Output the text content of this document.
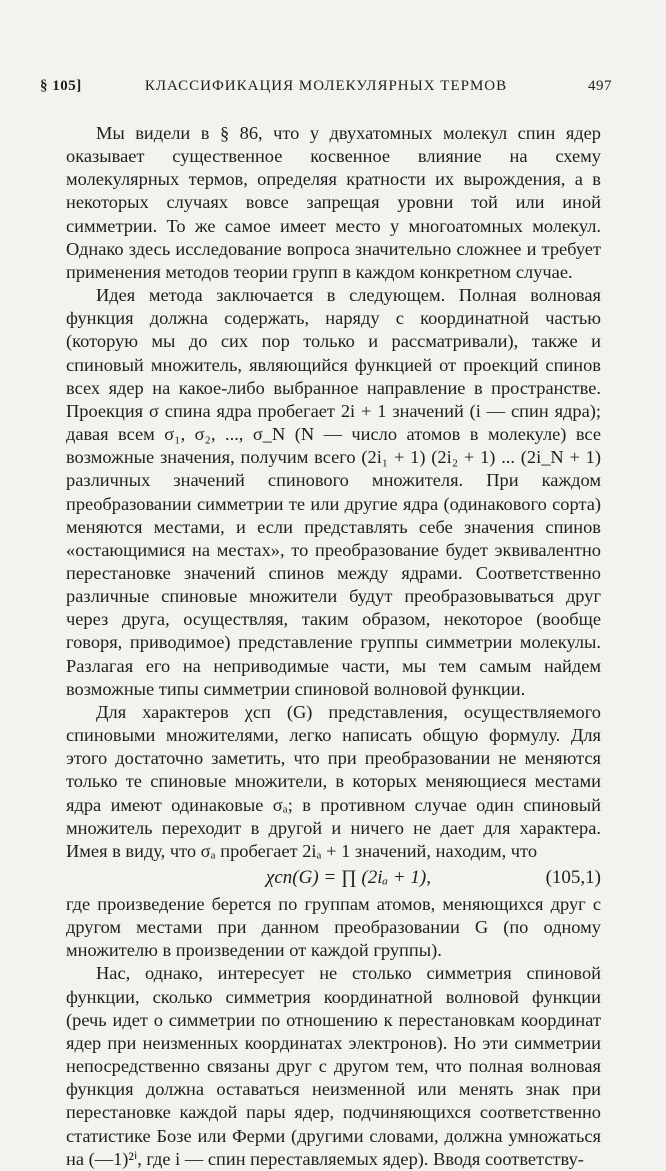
§ 105]	КЛАССИФИКАЦИЯ МОЛЕКУЛЯРНЫХ ТЕРМОВ	497

Мы видели в § 86, что у двухатомных молекул спин ядер оказывает существенное косвенное влияние на схему молекулярных термов, определяя кратности их вырождения, а в некоторых случаях вовсе запрещая уровни той или иной симметрии. То же самое имеет место у многоатомных молекул. Однако здесь исследование вопроса значительно сложнее и требует применения методов теории групп в каждом конкретном случае.

Идея метода заключается в следующем. Полная волновая функция должна содержать, наряду с координатной частью (которую мы до сих пор только и рассматривали), также и спиновый множитель, являющийся функцией от проекций спинов всех ядер на какое-либо выбранное направление в пространстве. Проекция σ спина ядра пробегает 2i + 1 значений (i — спин ядра); давая всем σ₁, σ₂, ..., σ_N (N — число атомов в молекуле) все возможные значения, получим всего (2i₁ + 1) (2i₂ + 1) ... (2i_N + 1) различных значений спинового множителя. При каждом преобразовании симметрии те или другие ядра (одинакового сорта) меняются местами, и если представлять себе значения спинов «остающимися на местах», то преобразование будет эквивалентно перестановке значений спинов между ядрами. Соответственно различные спиновые множители будут преобразовываться друг через друга, осуществляя, таким образом, некоторое (вообще говоря, приводимое) представление группы симметрии молекулы. Разлагая его на неприводимые части, мы тем самым найдем возможные типы симметрии спиновой волновой функции.

Для характеров χсп (G) представления, осуществляемого спиновыми множителями, легко написать общую формулу. Для этого достаточно заметить, что при преобразовании не меняются только те спиновые множители, в которых меняющиеся местами ядра имеют одинаковые σₐ; в противном случае один спиновый множитель переходит в другой и ничего не дает для характера. Имея в виду, что σₐ пробегает 2iₐ + 1 значений, находим, что

χсп(G) = ∏ (2iₐ + 1),	(105,1)

где произведение берется по группам атомов, меняющихся друг с другом местами при данном преобразовании G (по одному множителю в произведении от каждой группы).

Нас, однако, интересует не столько симметрия спиновой функции, сколько симметрия координатной волновой функции (речь идет о симметрии по отношению к перестановкам координат ядер при неизменных координатах электронов). Но эти симметрии непосредственно связаны друг с другом тем, что полная волновая функция должна оставаться неизменной или менять знак при перестановке каждой пары ядер, подчиняющихся соответственно статистике Бозе или Ферми (другими словами, должна умножаться на (—1)²ⁱ, где i — спин переставляемых ядер). Вводя соответству-
